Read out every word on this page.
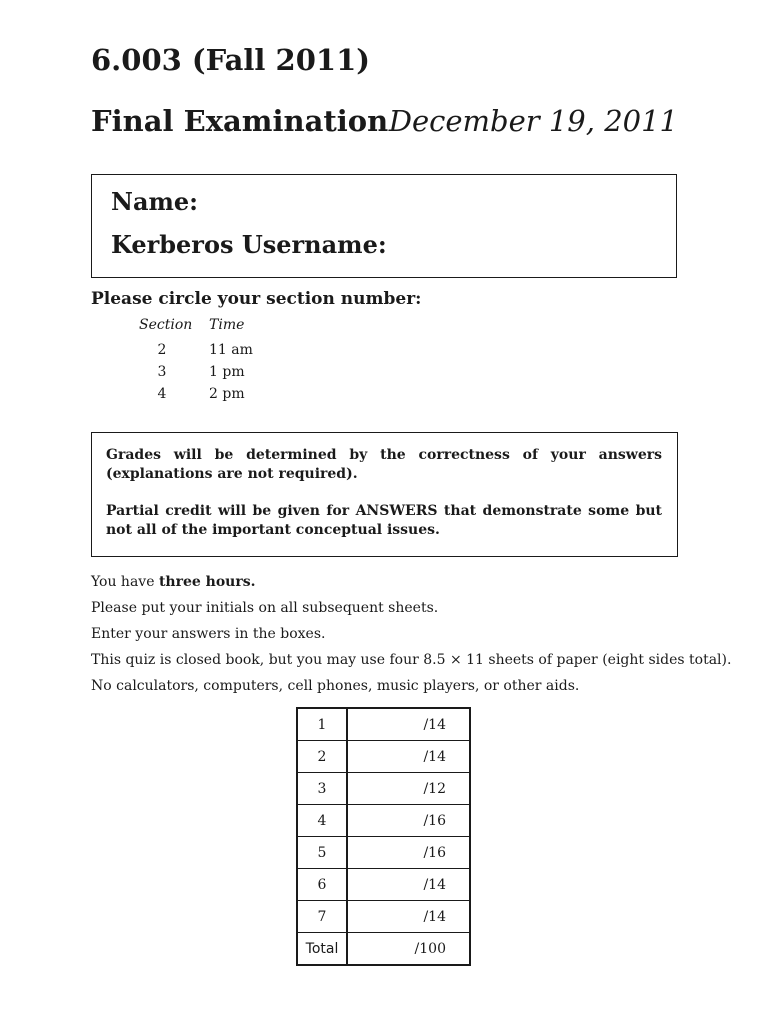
6.003 (Fall 2011)
Final Examination December 19, 2011
Name:
Kerberos Username:
Please circle your section number:
Section Time
2	11 am
3	1 pm
4	2 pm

Grades will be determined by the correctness of your answers (explanations are not required).

Partial credit will be given for ANSWERS that demonstrate some but not all of the important conceptual issues.

You have three hours.
Please put your initials on all subsequent sheets.
Enter your answers in the boxes.
This quiz is closed book, but you may use four 8.5 × 11 sheets of paper (eight sides total).
No calculators, computers, cell phones, music players, or other aids.
1	/14
2	/14
3	/12
4	/16
5	/16
6	/14
7	/14
Total	/100
